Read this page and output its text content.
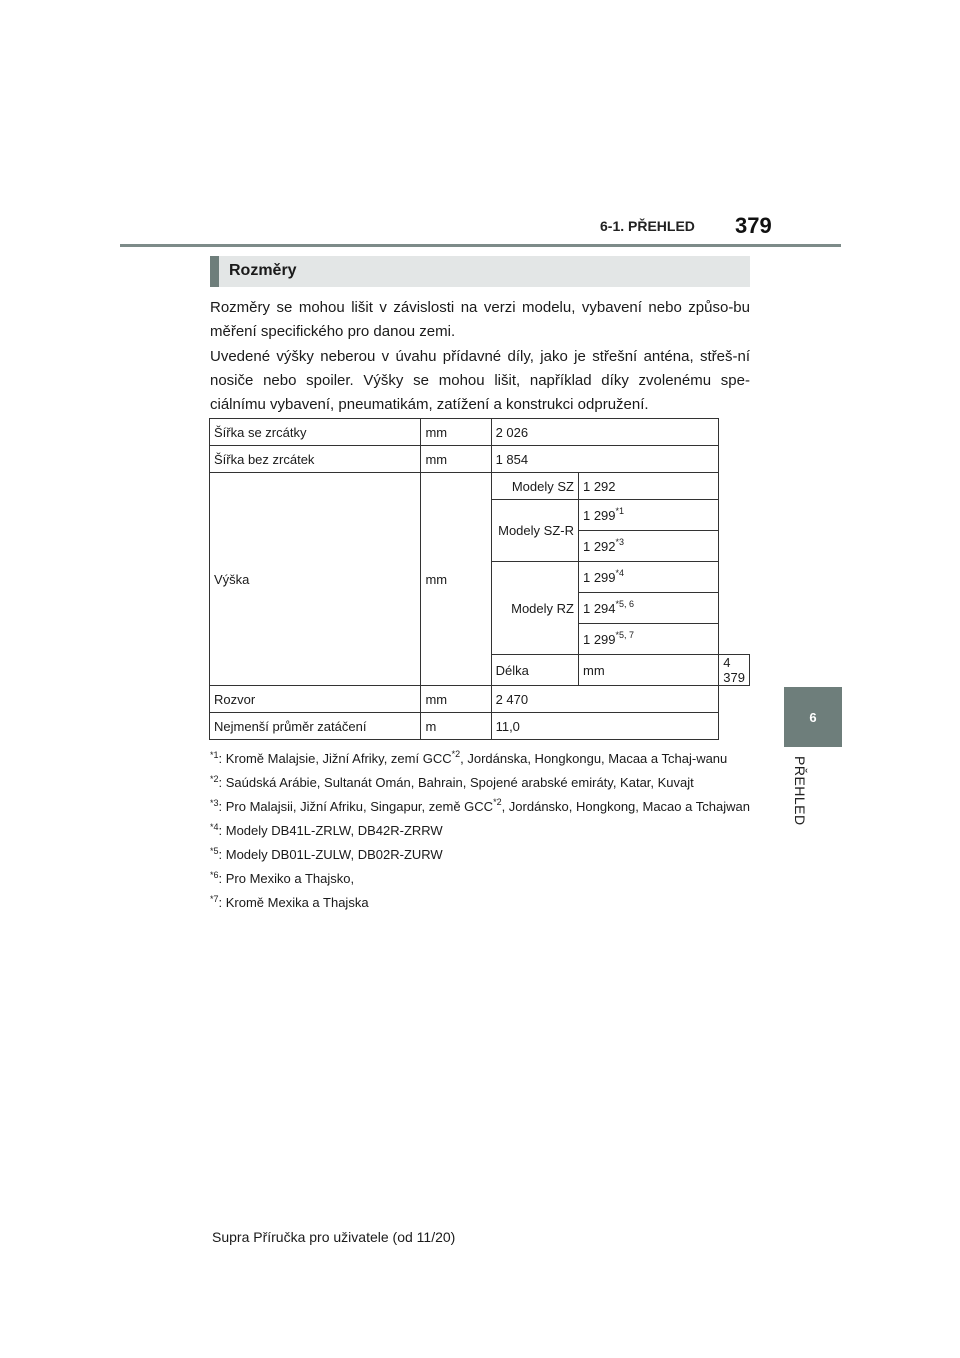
6-1. PŘEHLED 379
6
PŘEHLED
Rozměry

Rozměry se mohou lišit v závislosti na verzi modelu, vybavení nebo způso-bu měření specifického pro danou zemi.

Uvedené výšky neberou v úvahu přídavné díly, jako je střešní anténa, střeš-ní nosiče nebo spoiler. Výšky se mohou lišit, například díky zvolenému spe-ciálnímu vybavení, pneumatikám, zatížení a konstrukci odpružení.

Šířka se zrcátky	mm	2 026		
Šířka bez zrcátek	mm	1 854		
Výška	mm	Modely SZ	1 292	
		Modely SZ-R	1 299$^{*1}$
			1 292$^{*3}$
		Modely RZ	1 299$^{*4}$
			1 294$^{*5, 6}$
			1 299$^{*5, 7}$
		Délka	mm	4 379
Rozvor	mm	2 470		
Nejmenší průměr zatáčení	m	11,0		
$^{*1}$ : Kromě Malajsie, Jižní Afriky, zemí GCC$^{*2}$, Jordánska, Hongkongu, Macaa a Tchaj-wanu
$^{*2}$ : Saúdská Arábie, Sultanát Omán, Bahrain, Spojené arabské emiráty, Katar, Kuvajt
$^{*3}$ : Pro Malajsii, Jižní Afriku, Singapur, země GCC$^{*2}$, Jordánsko, Hongkong, Macao a Tchajwan
$^{*4}$ : Modely DB41L-ZRLW, DB42R-ZRRW
$^{*5}$ : Modely DB01L-ZULW, DB02R-ZURW
$^{*6}$ : Pro Mexiko a Thajsko,
$^{*7}$ : Kromě Mexika a Thajska
Supra Příručka pro uživatele (od 11/20)
